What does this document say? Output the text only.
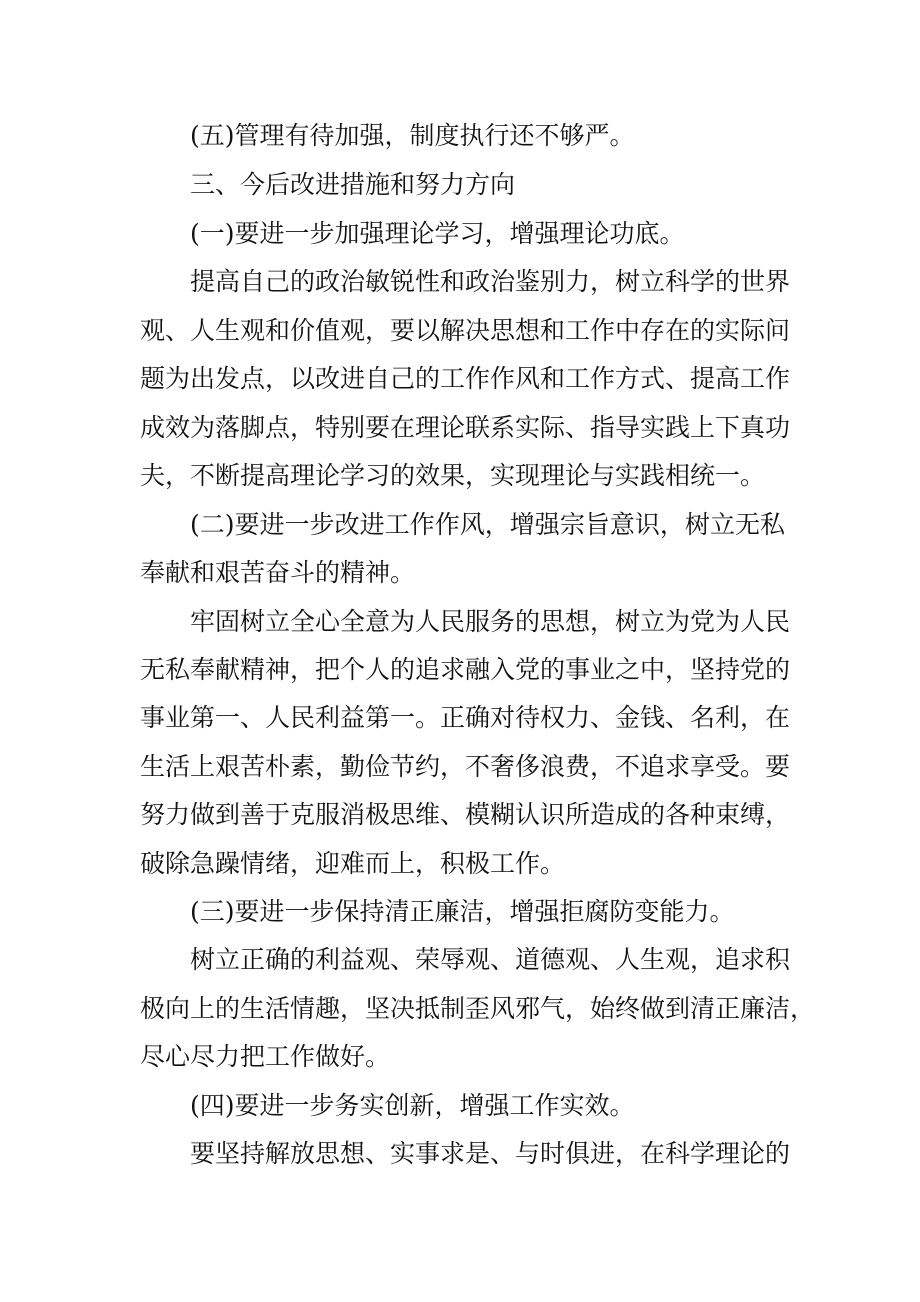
(五)管理有待加强，制度执行还不够严。
三、今后改进措施和努力方向
(一)要进一步加强理论学习，增强理论功底。
提高自己的政治敏锐性和政治鉴别力，树立科学的世界
观、人生观和价值观，要以解决思想和工作中存在的实际问
题为出发点，以改进自己的工作作风和工作方式、提高工作
成效为落脚点，特别要在理论联系实际、指导实践上下真功
夫，不断提高理论学习的效果，实现理论与实践相统一。
(二)要进一步改进工作作风，增强宗旨意识，树立无私
奉献和艰苦奋斗的精神。
牢固树立全心全意为人民服务的思想，树立为党为人民
无私奉献精神，把个人的追求融入党的事业之中，坚持党的
事业第一、人民利益第一。正确对待权力、金钱、名利，在
生活上艰苦朴素，勤俭节约，不奢侈浪费，不追求享受。要
努力做到善于克服消极思维、模糊认识所造成的各种束缚，
破除急躁情绪，迎难而上，积极工作。
(三)要进一步保持清正廉洁，增强拒腐防变能力。
树立正确的利益观、荣辱观、道德观、人生观，追求积
极向上的生活情趣，坚决抵制歪风邪气，始终做到清正廉洁，
尽心尽力把工作做好。
(四)要进一步务实创新，增强工作实效。
要坚持解放思想、实事求是、与时俱进，在科学理论的
